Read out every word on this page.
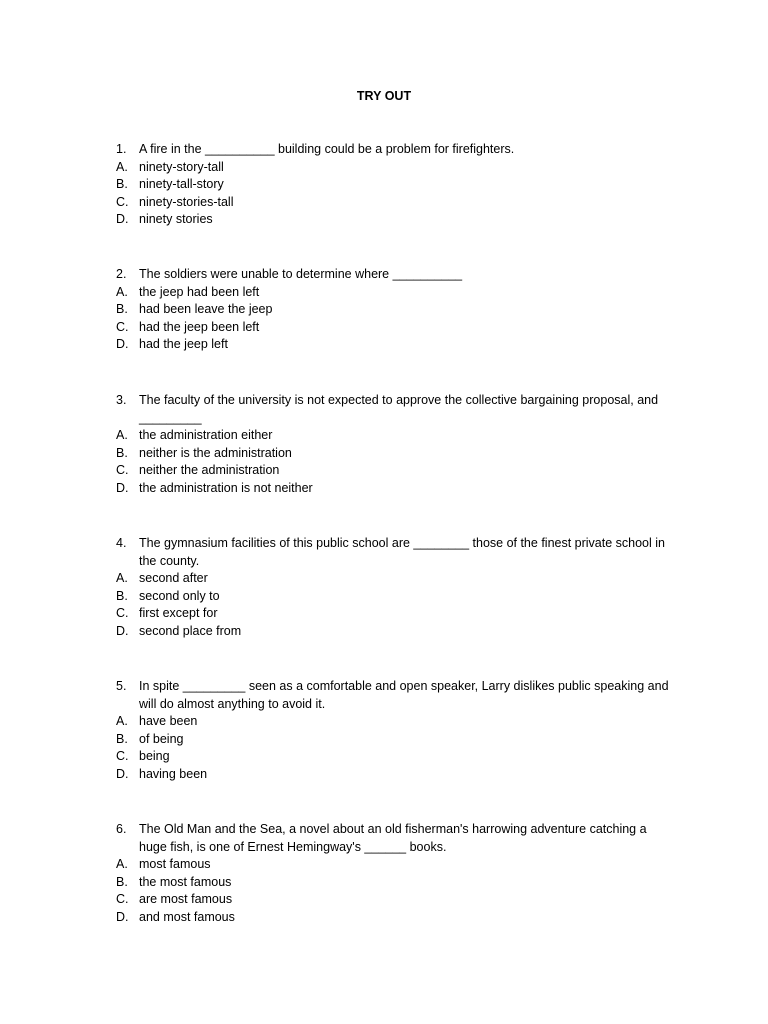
TRY OUT
1.	A fire in the __________ building could be a problem for firefighters.
A. ninety-story-tall
B. ninety-tall-story
C. ninety-stories-tall
D. ninety stories
2.	The soldiers were unable to determine where __________
A. the jeep had been left
B. had been leave the jeep
C. had the jeep been left
D. had the jeep left
3.	The faculty of the university is not expected to approve the collective bargaining proposal, and _________
A. the administration either
B. neither is the administration
C. neither the administration
D. the administration is not neither
4.	The gymnasium facilities of this public school are ________ those of the finest private school in the county.
A. second after
B. second only to
C. first except for
D. second place from
5.	In spite _________ seen as a comfortable and open speaker, Larry dislikes public speaking and will do almost anything to avoid it.
A. have been
B. of being
C. being
D. having been
6.	The Old Man and the Sea, a novel about an old fisherman's harrowing adventure catching a huge fish, is one of Ernest Hemingway's ______ books.
A. most famous
B. the most famous
C. are most famous
D. and most famous
